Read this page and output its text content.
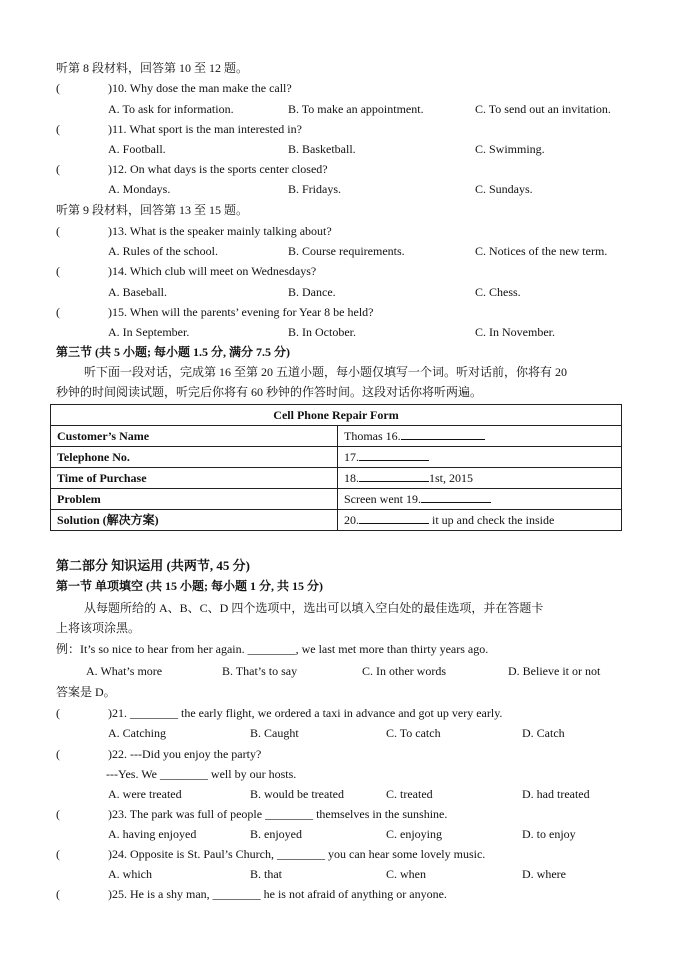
听第 8 段材料，回答第 10 至 12 题。
(	)10. Why dose the man make the call?
A. To ask for information.	B. To make an appointment.	C. To send out an invitation.
(	)11. What sport is the man interested in?
A. Football.	B. Basketball.	C. Swimming.
(	)12. On what days is the sports center closed?
A. Mondays.	B. Fridays.	C. Sundays.
听第 9 段材料，回答第 13 至 15 题。
(	)13. What is the speaker mainly talking about?
A. Rules of the school.	B. Course requirements.	C. Notices of the new term.
(	)14. Which club will meet on Wednesdays?
A. Baseball.	B. Dance.	C. Chess.
(	)15. When will the parents’ evening for Year 8 be held?
A. In September.	B. In October.	C. In November.
第三节 (共 5 小题; 每小题 1.5 分, 满分 7.5 分)
听下面一段对话，完成第 16 至第 20 五道小题，每小题仅填写一个词。听对话前，你将有 20
秒钟的时间阅读试题，听完后你将有 60 秒钟的作答时间。这段对话你将听两遍。
Cell Phone Repair Form	
Customer’s Name	Thomas 16.
Telephone No.	17.
Time of Purchase	18. 1st, 2015
Problem	Screen went 19.
Solution (解决方案)	20. it up and check the inside
第二部分 知识运用 (共两节, 45 分)
第一节 单项填空 (共 15 小题; 每小题 1 分, 共 15 分)
从每题所给的 A、B、C、D 四个选项中，选出可以填入空白处的最佳选项，并在答题卡
上将该项涂黑。
例：It’s so nice to hear from her again. ________, we last met more than thirty years ago.
A. What’s more	B. That’s to say	C. In other words	D. Believe it or not
答案是 D。
(	)21. ________ the early flight, we ordered a taxi in advance and got up very early.
A. Catching	B. Caught	C. To catch	D. Catch
(	)22. ---Did you enjoy the party?
---Yes. We ________ well by our hosts.
A. were treated	B. would be treated	C. treated	D. had treated
(	)23. The park was full of people ________ themselves in the sunshine.
A. having enjoyed	B. enjoyed	C. enjoying	D. to enjoy
(	)24. Opposite is St. Paul’s Church, ________ you can hear some lovely music.
A. which	B. that	C. when	D. where
(	)25. He is a shy man, ________ he is not afraid of anything or anyone.
